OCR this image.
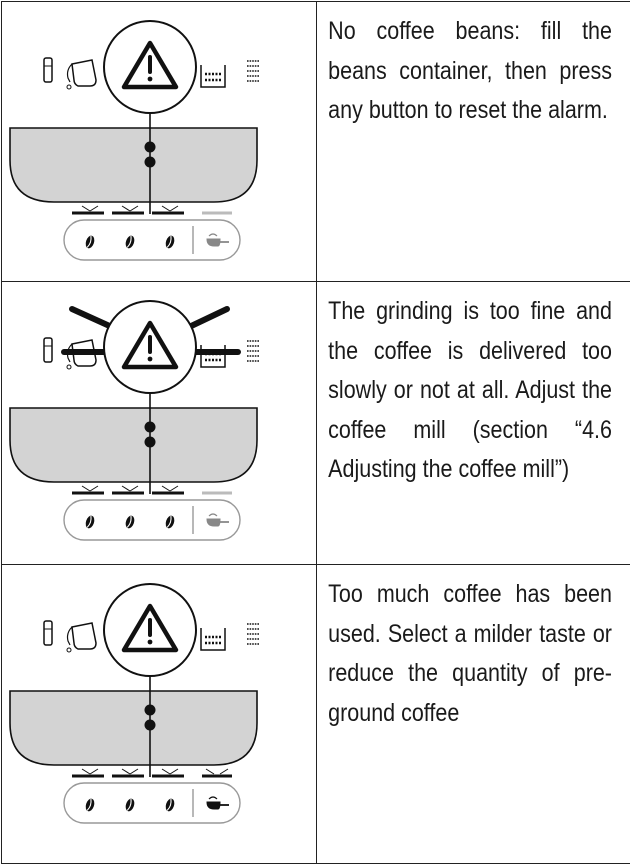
No coffee beans: fill the beans container, then press any button to reset the alarm.

The grinding is too fine and the coffee is delivered too slowly or not at all. Adjust the coffee mill (section “4.6 Adjusting the coffee mill”)

Too much coffee has been used. Select a milder taste or reduce the quantity of pre-ground coffee
